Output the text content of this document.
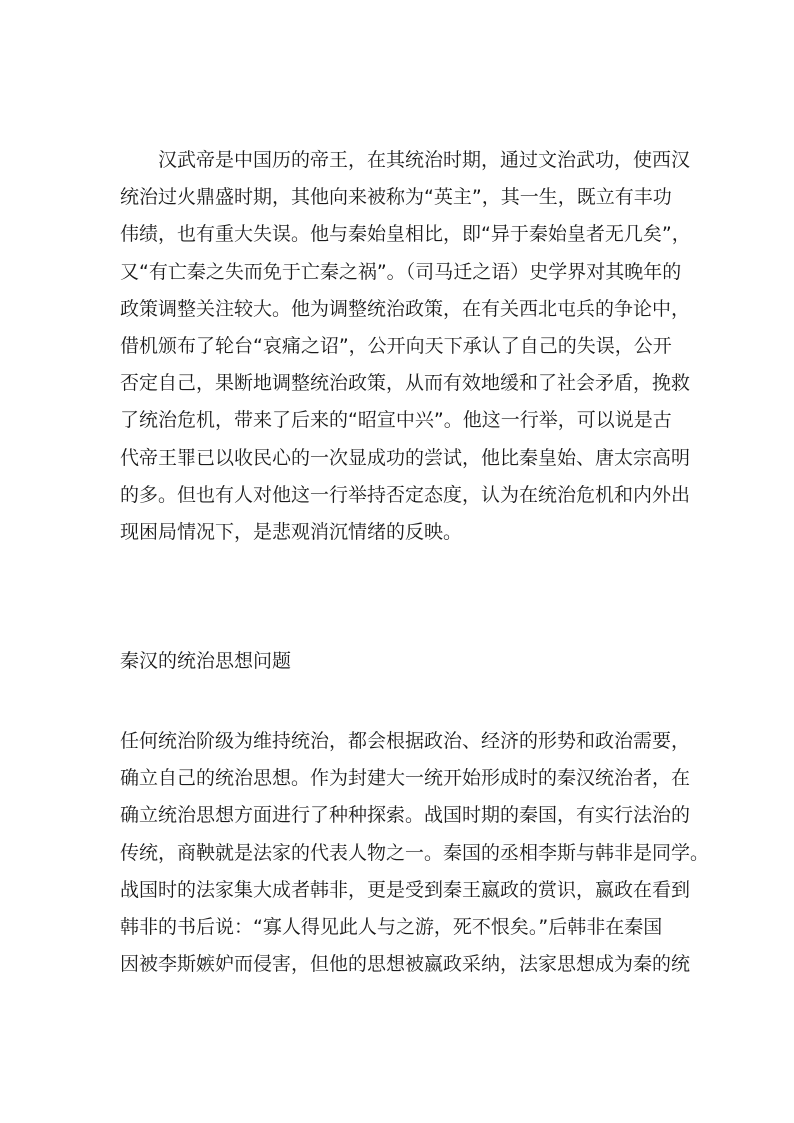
汉武帝是中国历的帝王，在其统治时期，通过文治武功，使西汉
统治过火鼎盛时期，其他向来被称为“英主”，其一生，既立有丰功
伟绩，也有重大失误。他与秦始皇相比，即“异于秦始皇者无几矣”，
又“有亡秦之失而免于亡秦之祸”。（司马迁之语）史学界对其晚年的
政策调整关注较大。他为调整统治政策，在有关西北屯兵的争论中，
借机颁布了轮台“哀痛之诏”，公开向天下承认了自己的失误，公开
否定自己，果断地调整统治政策，从而有效地缓和了社会矛盾，挽救
了统治危机，带来了后来的“昭宣中兴”。他这一行举，可以说是古
代帝王罪已以收民心的一次显成功的尝试，他比秦皇始、唐太宗高明
的多。但也有人对他这一行举持否定态度，认为在统治危机和内外出
现困局情况下，是悲观消沉情绪的反映。
秦汉的统治思想问题
任何统治阶级为维持统治，都会根据政治、经济的形势和政治需要，
确立自己的统治思想。作为封建大一统开始形成时的秦汉统治者，在
确立统治思想方面进行了种种探索。战国时期的秦国，有实行法治的
传统，商鞅就是法家的代表人物之一。秦国的丞相李斯与韩非是同学。
战国时的法家集大成者韩非，更是受到秦王嬴政的赏识，嬴政在看到
韩非的书后说：“寡人得见此人与之游，死不恨矣。”后韩非在秦国
因被李斯嫉妒而侵害，但他的思想被嬴政采纳，法家思想成为秦的统
